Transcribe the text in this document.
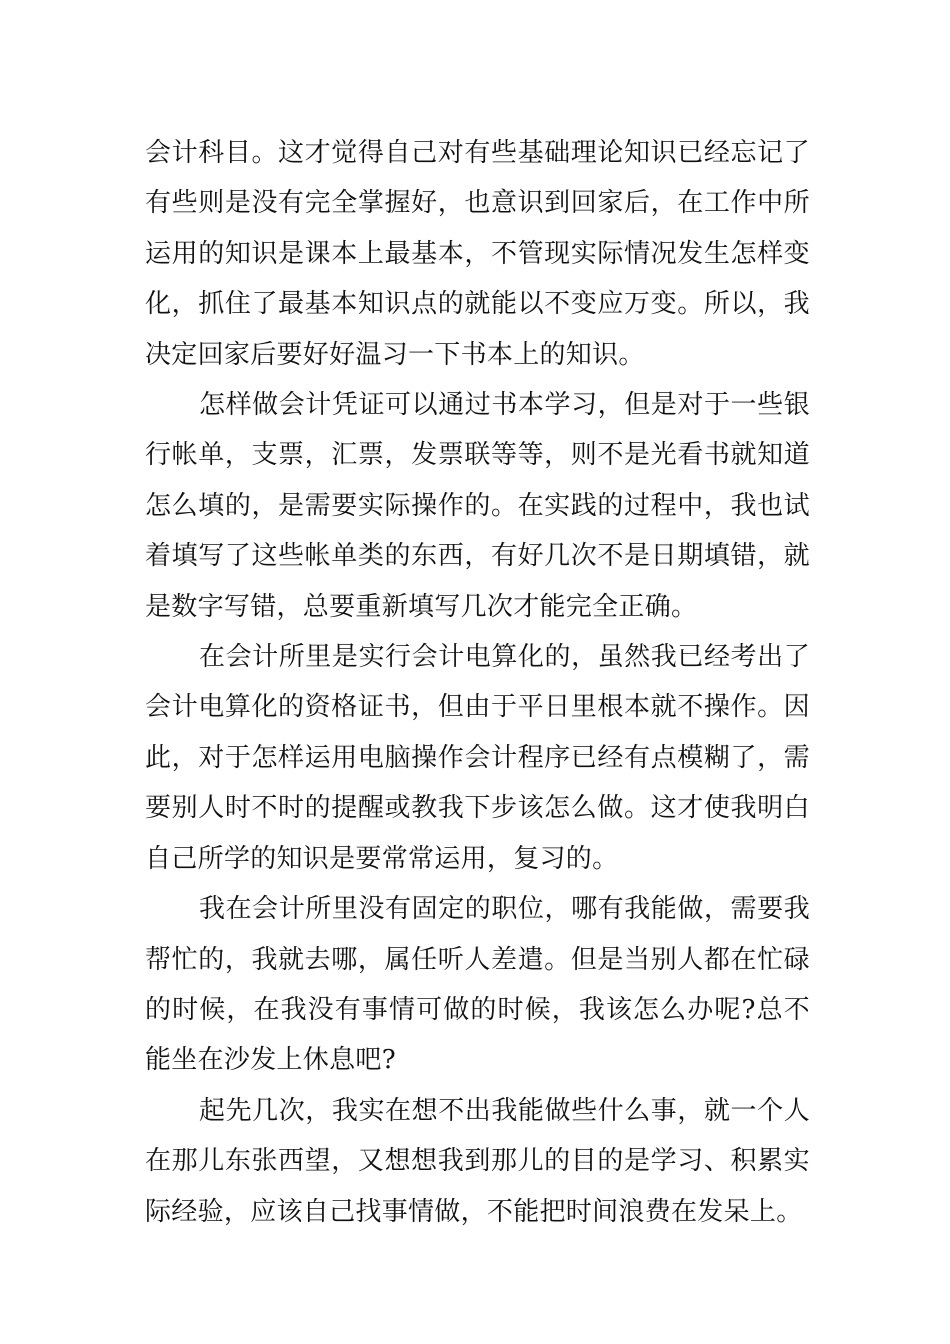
会计科目。这才觉得自己对有些基础理论知识已经忘记了有些则是没有完全掌握好，也意识到回家后，在工作中所运用的知识是课本上最基本，不管现实际情况发生怎样变化，抓住了最基本知识点的就能以不变应万变。所以，我决定回家后要好好温习一下书本上的知识。

怎样做会计凭证可以通过书本学习，但是对于一些银行帐单，支票，汇票，发票联等等，则不是光看书就知道怎么填的，是需要实际操作的。在实践的过程中，我也试着填写了这些帐单类的东西，有好几次不是日期填错，就是数字写错，总要重新填写几次才能完全正确。

在会计所里是实行会计电算化的，虽然我已经考出了会计电算化的资格证书，但由于平日里根本就不操作。因此，对于怎样运用电脑操作会计程序已经有点模糊了，需要别人时不时的提醒或教我下步该怎么做。这才使我明白自己所学的知识是要常常运用，复习的。

我在会计所里没有固定的职位，哪有我能做，需要我帮忙的，我就去哪，属任听人差遣。但是当别人都在忙碌的时候，在我没有事情可做的时候，我该怎么办呢?总不能坐在沙发上休息吧?

起先几次，我实在想不出我能做些什么事，就一个人在那儿东张西望，又想想我到那儿的目的是学习、积累实际经验，应该自己找事情做，不能把时间浪费在发呆上。
